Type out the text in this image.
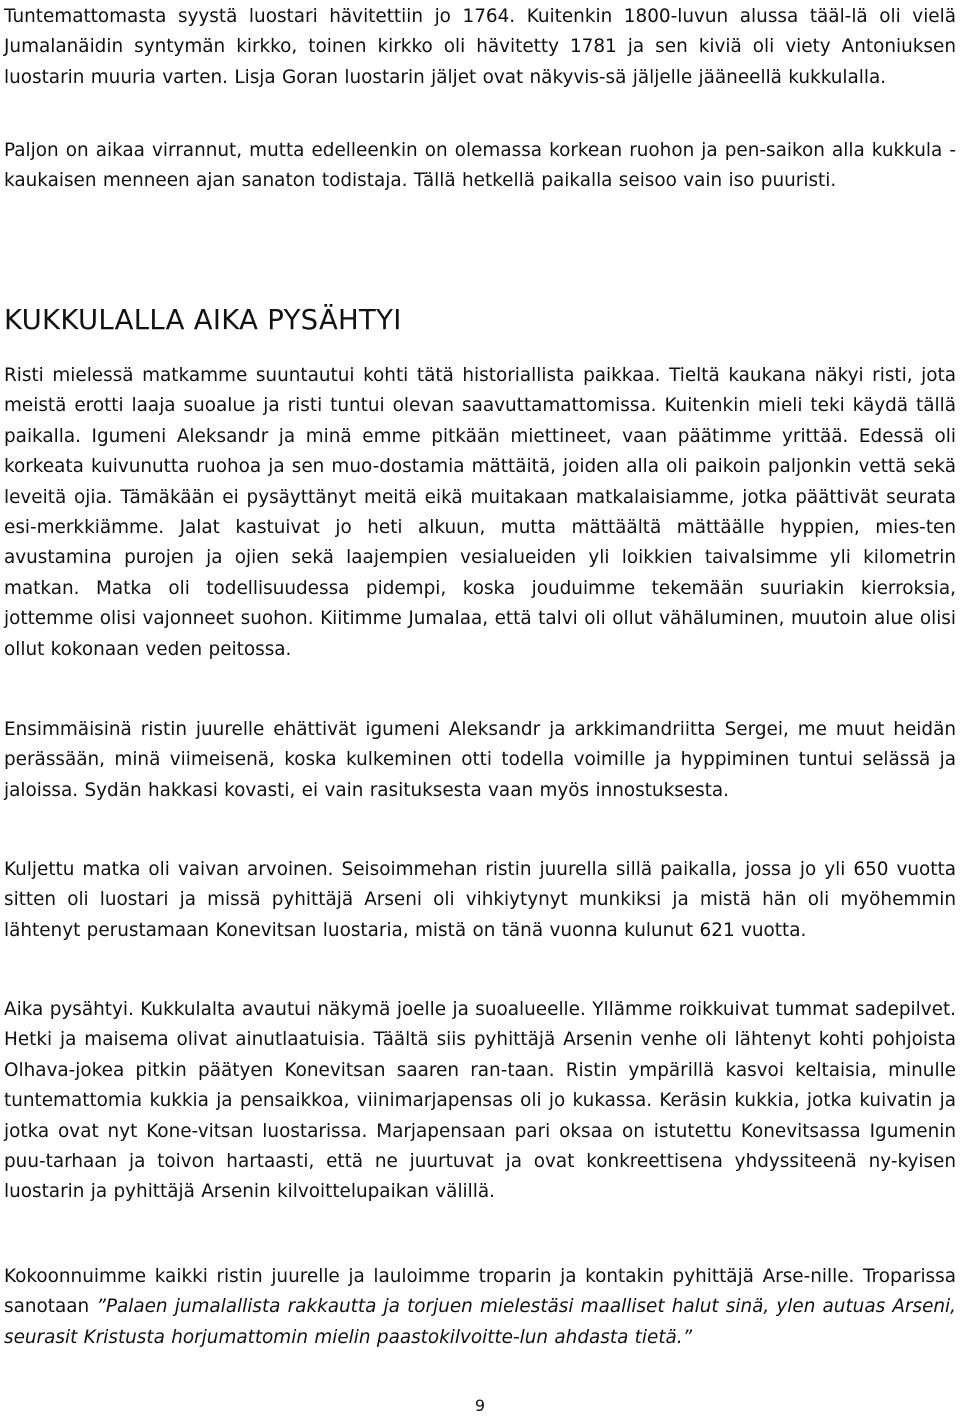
Tuntemattomasta syystä luostari hävitettiin jo 1764. Kuitenkin 1800-luvun alussa tääl-lä oli vielä Jumalanäidin syntymän kirkko, toinen kirkko oli hävitetty 1781 ja sen kiviä oli viety Antoniuksen luostarin muuria varten. Lisja Goran luostarin jäljet ovat näkyvis-sä jäljelle jääneellä kukkulalla.

Paljon on aikaa virrannut, mutta edelleenkin on olemassa korkean ruohon ja pen-saikon alla kukkula - kaukaisen menneen ajan sanaton todistaja. Tällä hetkellä paikalla seisoo vain iso puuristi.

KUKKULALLA AIKA PYSÄHTYI

Risti mielessä matkamme suuntautui kohti tätä historiallista paikkaa. Tieltä kaukana näkyi risti, jota meistä erotti laaja suoalue ja risti tuntui olevan saavuttamattomissa. Kuitenkin mieli teki käydä tällä paikalla. Igumeni Aleksandr ja minä emme pitkään miettineet, vaan päätimme yrittää. Edessä oli korkeata kuivunutta ruohoa ja sen muo-dostamia mättäitä, joiden alla oli paikoin paljonkin vettä sekä leveitä ojia. Tämäkään ei pysäyttänyt meitä eikä muitakaan matkalaisiamme, jotka päättivät seurata esi-merkkiämme. Jalat kastuivat jo heti alkuun, mutta mättäältä mättäälle hyppien, mies-ten avustamina purojen ja ojien sekä laajempien vesialueiden yli loikkien taivalsimme yli kilometrin matkan. Matka oli todellisuudessa pidempi, koska jouduimme tekemään suuriakin kierroksia, jottemme olisi vajonneet suohon. Kiitimme Jumalaa, että talvi oli ollut vähäluminen, muutoin alue olisi ollut kokonaan veden peitossa.

Ensimmäisinä ristin juurelle ehättivät igumeni Aleksandr ja arkkimandriitta Sergei, me muut heidän perässään, minä viimeisenä, koska kulkeminen otti todella voimille ja hyppiminen tuntui selässä ja jaloissa. Sydän hakkasi kovasti, ei vain rasituksesta vaan myös innostuksesta.

Kuljettu matka oli vaivan arvoinen. Seisoimmehan ristin juurella sillä paikalla, jossa jo yli 650 vuotta sitten oli luostari ja missä pyhittäjä Arseni oli vihkiytynyt munkiksi ja mistä hän oli myöhemmin lähtenyt perustamaan Konevitsan luostaria, mistä on tänä vuonna kulunut 621 vuotta.

Aika pysähtyi. Kukkulalta avautui näkymä joelle ja suoalueelle. Yllämme roikkuivat tummat sadepilvet. Hetki ja maisema olivat ainutlaatuisia. Täältä siis pyhittäjä Arsenin venhe oli lähtenyt kohti pohjoista Olhava-jokea pitkin päätyen Konevitsan saaren ran-taan. Ristin ympärillä kasvoi keltaisia, minulle tuntemattomia kukkia ja pensaikkoa, viinimarjapensas oli jo kukassa. Keräsin kukkia, jotka kuivatin ja jotka ovat nyt Kone-vitsan luostarissa. Marjapensaan pari oksaa on istutettu Konevitsassa Igumenin puu-tarhaan ja toivon hartaasti, että ne juurtuvat ja ovat konkreettisena yhdyssiteenä ny-kyisen luostarin ja pyhittäjä Arsenin kilvoittelupaikan välillä.

Kokoonnuimme kaikki ristin juurelle ja lauloimme troparin ja kontakin pyhittäjä Arse-nille. Troparissa sanotaan ”Palaen jumalallista rakkautta ja torjuen mielestäsi maalliset halut sinä, ylen autuas Arseni, seurasit Kristusta horjumattomin mielin paastokilvoitte-lun ahdasta tietä.”

9
